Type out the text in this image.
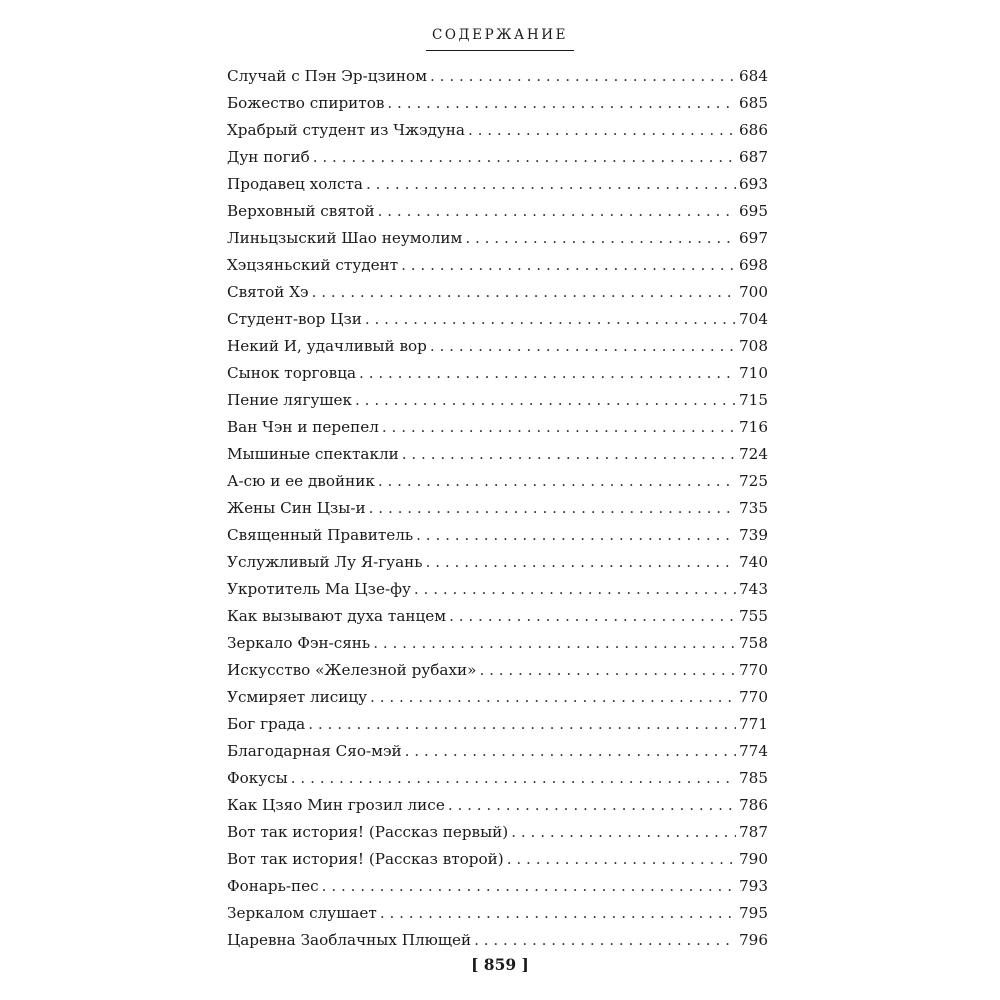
СОДЕРЖАНИЕ
Случай с Пэн Эр-цзином . . .	684
Божество спиритов . . .	685
Храбрый студент из Чжэдуна . . .	686
Дун погиб . . .	687
Продавец холста . . .	693
Верховный святой . . .	695
Линьцзыский Шао неумолим . . .	697
Хэцзяньский студент . . .	698
Святой Хэ . . .	700
Студент-вор Цзи . . .	704
Некий И, удачливый вор . . .	708
Сынок торговца . . .	710
Пение лягушек . . .	715
Ван Чэн и перепел . . .	716
Мышиные спектакли . . .	724
А-сю и ее двойник . . .	725
Жены Син Цзы-и . . .	735
Священный Правитель . . .	739
Услужливый Лу Я-гуань . . .	740
Укротитель Ма Цзе-фу . . .	743
Как вызывают духа танцем . . .	755
Зеркало Фэн-сянь . . .	758
Искусство «Железной рубахи» . . .	770
Усмиряет лисицу . . .	770
Бог града . . .	771
Благодарная Сяо-мэй . . .	774
Фокусы . . .	785
Как Цзяо Мин грозил лисе . . .	786
Вот так история! (Рассказ первый) . . .	787
Вот так история! (Рассказ второй) . . .	790
Фонарь-пес . . .	793
Зеркалом слушает . . .	795
Царевна Заоблачных Плющей . . .	796
[ 859 ]
